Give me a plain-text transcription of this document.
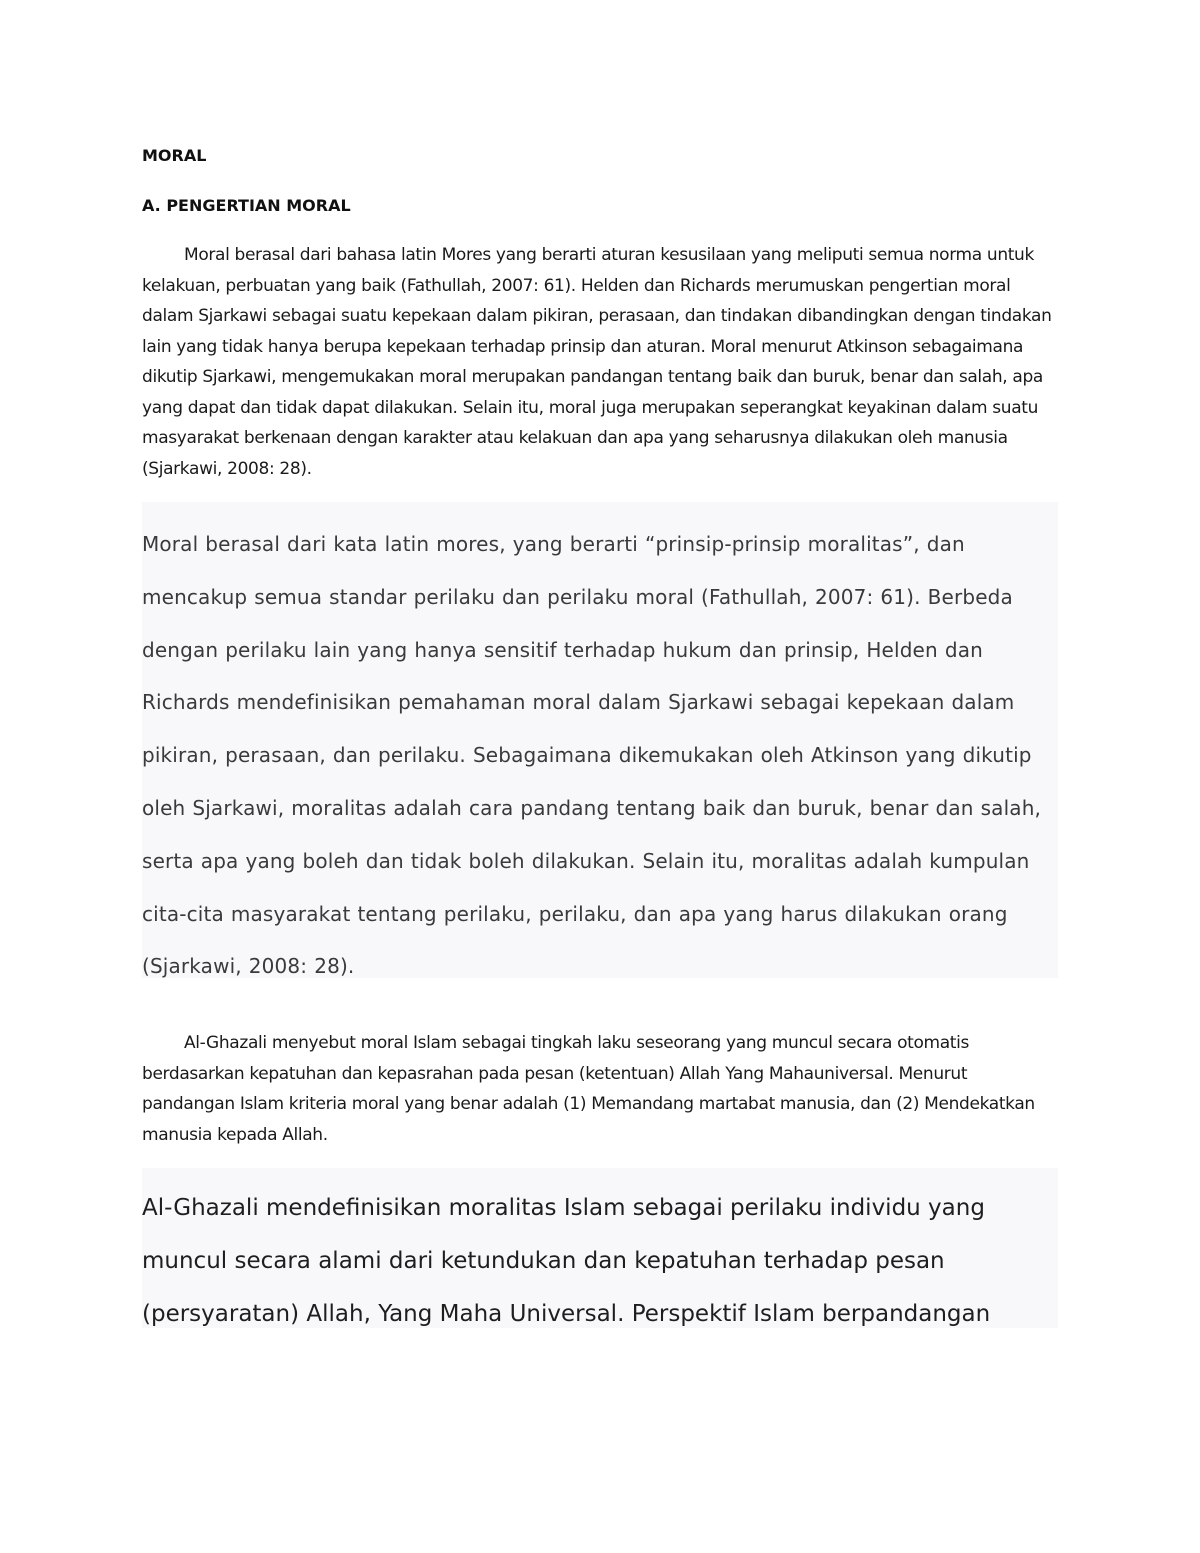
MORAL
A. PENGERTIAN MORAL

Moral berasal dari bahasa latin Mores yang berarti aturan kesusilaan yang meliputi semua norma untuk kelakuan, perbuatan yang baik (Fathullah, 2007: 61). Helden dan Richards merumuskan pengertian moral dalam Sjarkawi sebagai suatu kepekaan dalam pikiran, perasaan, dan tindakan dibandingkan dengan tindakan lain yang tidak hanya berupa kepekaan terhadap prinsip dan aturan. Moral menurut Atkinson sebagaimana dikutip Sjarkawi, mengemukakan moral merupakan pandangan tentang baik dan buruk, benar dan salah, apa yang dapat dan tidak dapat dilakukan. Selain itu, moral juga merupakan seperangkat keyakinan dalam suatu masyarakat berkenaan dengan karakter atau kelakuan dan apa yang seharusnya dilakukan oleh manusia (Sjarkawi, 2008: 28).

Moral berasal dari kata latin mores, yang berarti “prinsip-prinsip moralitas”, dan mencakup semua standar perilaku dan perilaku moral (Fathullah, 2007: 61). Berbeda dengan perilaku lain yang hanya sensitif terhadap hukum dan prinsip, Helden dan Richards mendefinisikan pemahaman moral dalam Sjarkawi sebagai kepekaan dalam pikiran, perasaan, dan perilaku. Sebagaimana dikemukakan oleh Atkinson yang dikutip oleh Sjarkawi, moralitas adalah cara pandang tentang baik dan buruk, benar dan salah, serta apa yang boleh dan tidak boleh dilakukan. Selain itu, moralitas adalah kumpulan cita-cita masyarakat tentang perilaku, perilaku, dan apa yang harus dilakukan orang (Sjarkawi, 2008: 28).

Al-Ghazali menyebut moral Islam sebagai tingkah laku seseorang yang muncul secara otomatis berdasarkan kepatuhan dan kepasrahan pada pesan (ketentuan) Allah Yang Mahauniversal. Menurut pandangan Islam kriteria moral yang benar adalah (1) Memandang martabat manusia, dan (2) Mendekatkan manusia kepada Allah.

Al-Ghazali mendefinisikan moralitas Islam sebagai perilaku individu yang muncul secara alami dari ketundukan dan kepatuhan terhadap pesan (persyaratan) Allah, Yang Maha Universal. Perspektif Islam berpandangan
